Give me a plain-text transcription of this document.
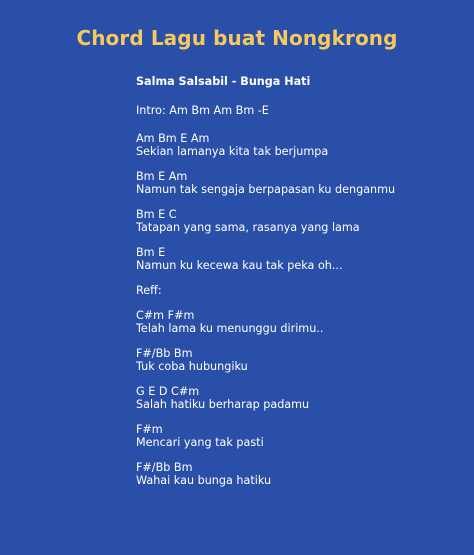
Chord Lagu buat Nongkrong
Salma Salsabil - Bunga Hati
Intro: Am Bm Am Bm -E
Am Bm E Am
Sekian lamanya kita tak berjumpa
Bm E Am
Namun tak sengaja berpapasan ku denganmu
Bm E C
Tatapan yang sama, rasanya yang lama
Bm E
Namun ku kecewa kau tak peka oh...
Reff:
C#m F#m
Telah lama ku menunggu dirimu..
F#/Bb Bm
Tuk coba hubungiku
G E D C#m
Salah hatiku berharap padamu
F#m
Mencari yang tak pasti
F#/Bb Bm
Wahai kau bunga hatiku
